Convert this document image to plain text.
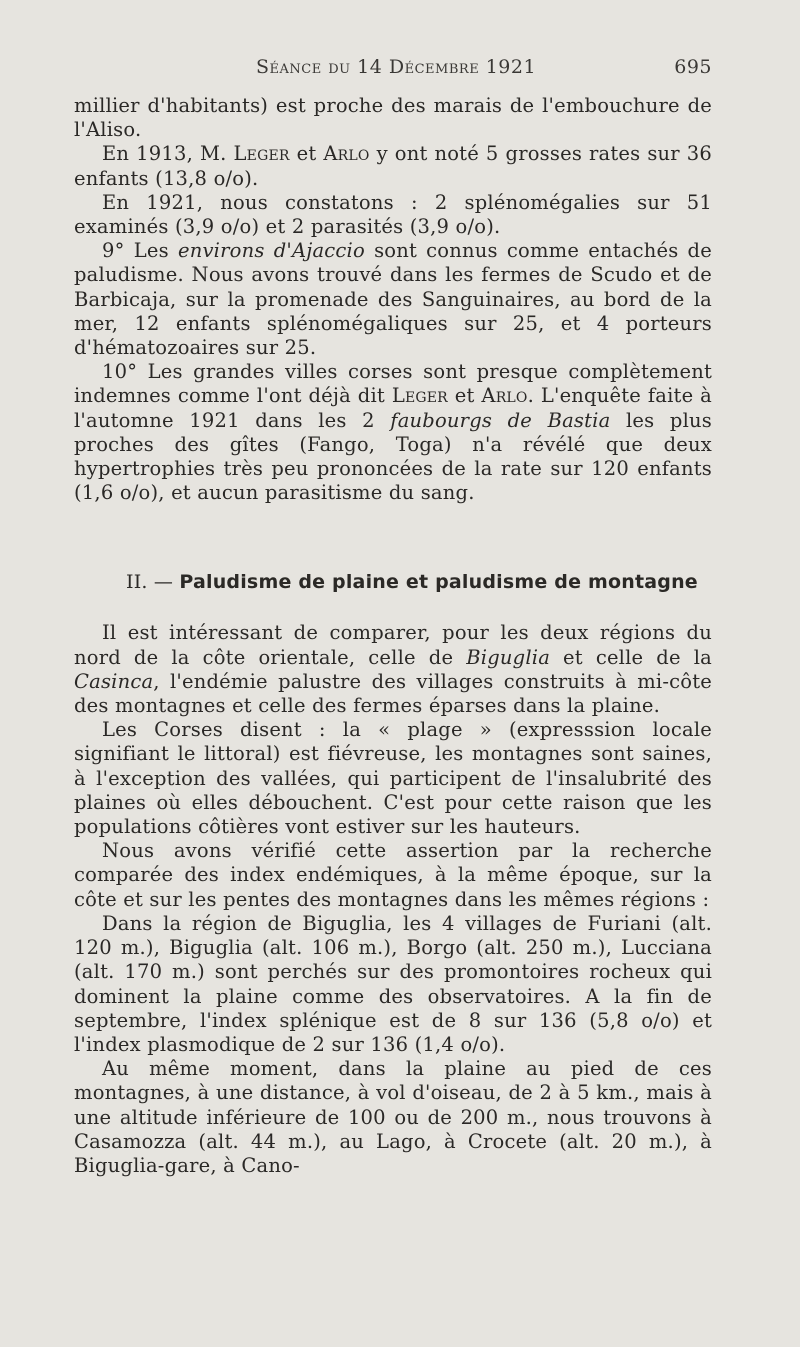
Séance du 14 Décembre 1921	695

millier d'habitants) est proche des marais de l'embouchure de l'Aliso.

En 1913, M. Leger et Arlo y ont noté 5 grosses rates sur 36 enfants (13,8 o/o).

En 1921, nous constatons : 2 splénomégalies sur 51 examinés (3,9 o/o) et 2 parasités (3,9 o/o).

9° Les environs d'Ajaccio sont connus comme entachés de paludisme. Nous avons trouvé dans les fermes de Scudo et de Barbicaja, sur la promenade des Sanguinaires, au bord de la mer, 12 enfants splénomégaliques sur 25, et 4 porteurs d'hématozoaires sur 25.

10° Les grandes villes corses sont presque complètement indemnes comme l'ont déjà dit Leger et Arlo. L'enquête faite à l'automne 1921 dans les 2 faubourgs de Bastia les plus proches des gîtes (Fango, Toga) n'a révélé que deux hypertrophies très peu prononcées de la rate sur 120 enfants (1,6 o/o), et aucun parasitisme du sang.

II. — Paludisme de plaine et paludisme de montagne

Il est intéressant de comparer, pour les deux régions du nord de la côte orientale, celle de Biguglia et celle de la Casinca, l'endémie palustre des villages construits à mi-côte des montagnes et celle des fermes éparses dans la plaine.

Les Corses disent : la « plage » (expresssion locale signifiant le littoral) est fiévreuse, les montagnes sont saines, à l'exception des vallées, qui participent de l'insalubrité des plaines où elles débouchent. C'est pour cette raison que les populations côtières vont estiver sur les hauteurs.

Nous avons vérifié cette assertion par la recherche comparée des index endémiques, à la même époque, sur la côte et sur les pentes des montagnes dans les mêmes régions :

Dans la région de Biguglia, les 4 villages de Furiani (alt. 120 m.), Biguglia (alt. 106 m.), Borgo (alt. 250 m.), Lucciana (alt. 170 m.) sont perchés sur des promontoires rocheux qui dominent la plaine comme des observatoires. A la fin de septembre, l'index splénique est de 8 sur 136 (5,8 o/o) et l'index plasmodique de 2 sur 136 (1,4 o/o).

Au même moment, dans la plaine au pied de ces montagnes, à une distance, à vol d'oiseau, de 2 à 5 km., mais à une altitude inférieure de 100 ou de 200 m., nous trouvons à Casamozza (alt. 44 m.), au Lago, à Crocete (alt. 20 m.), à Biguglia-gare, à Cano-
